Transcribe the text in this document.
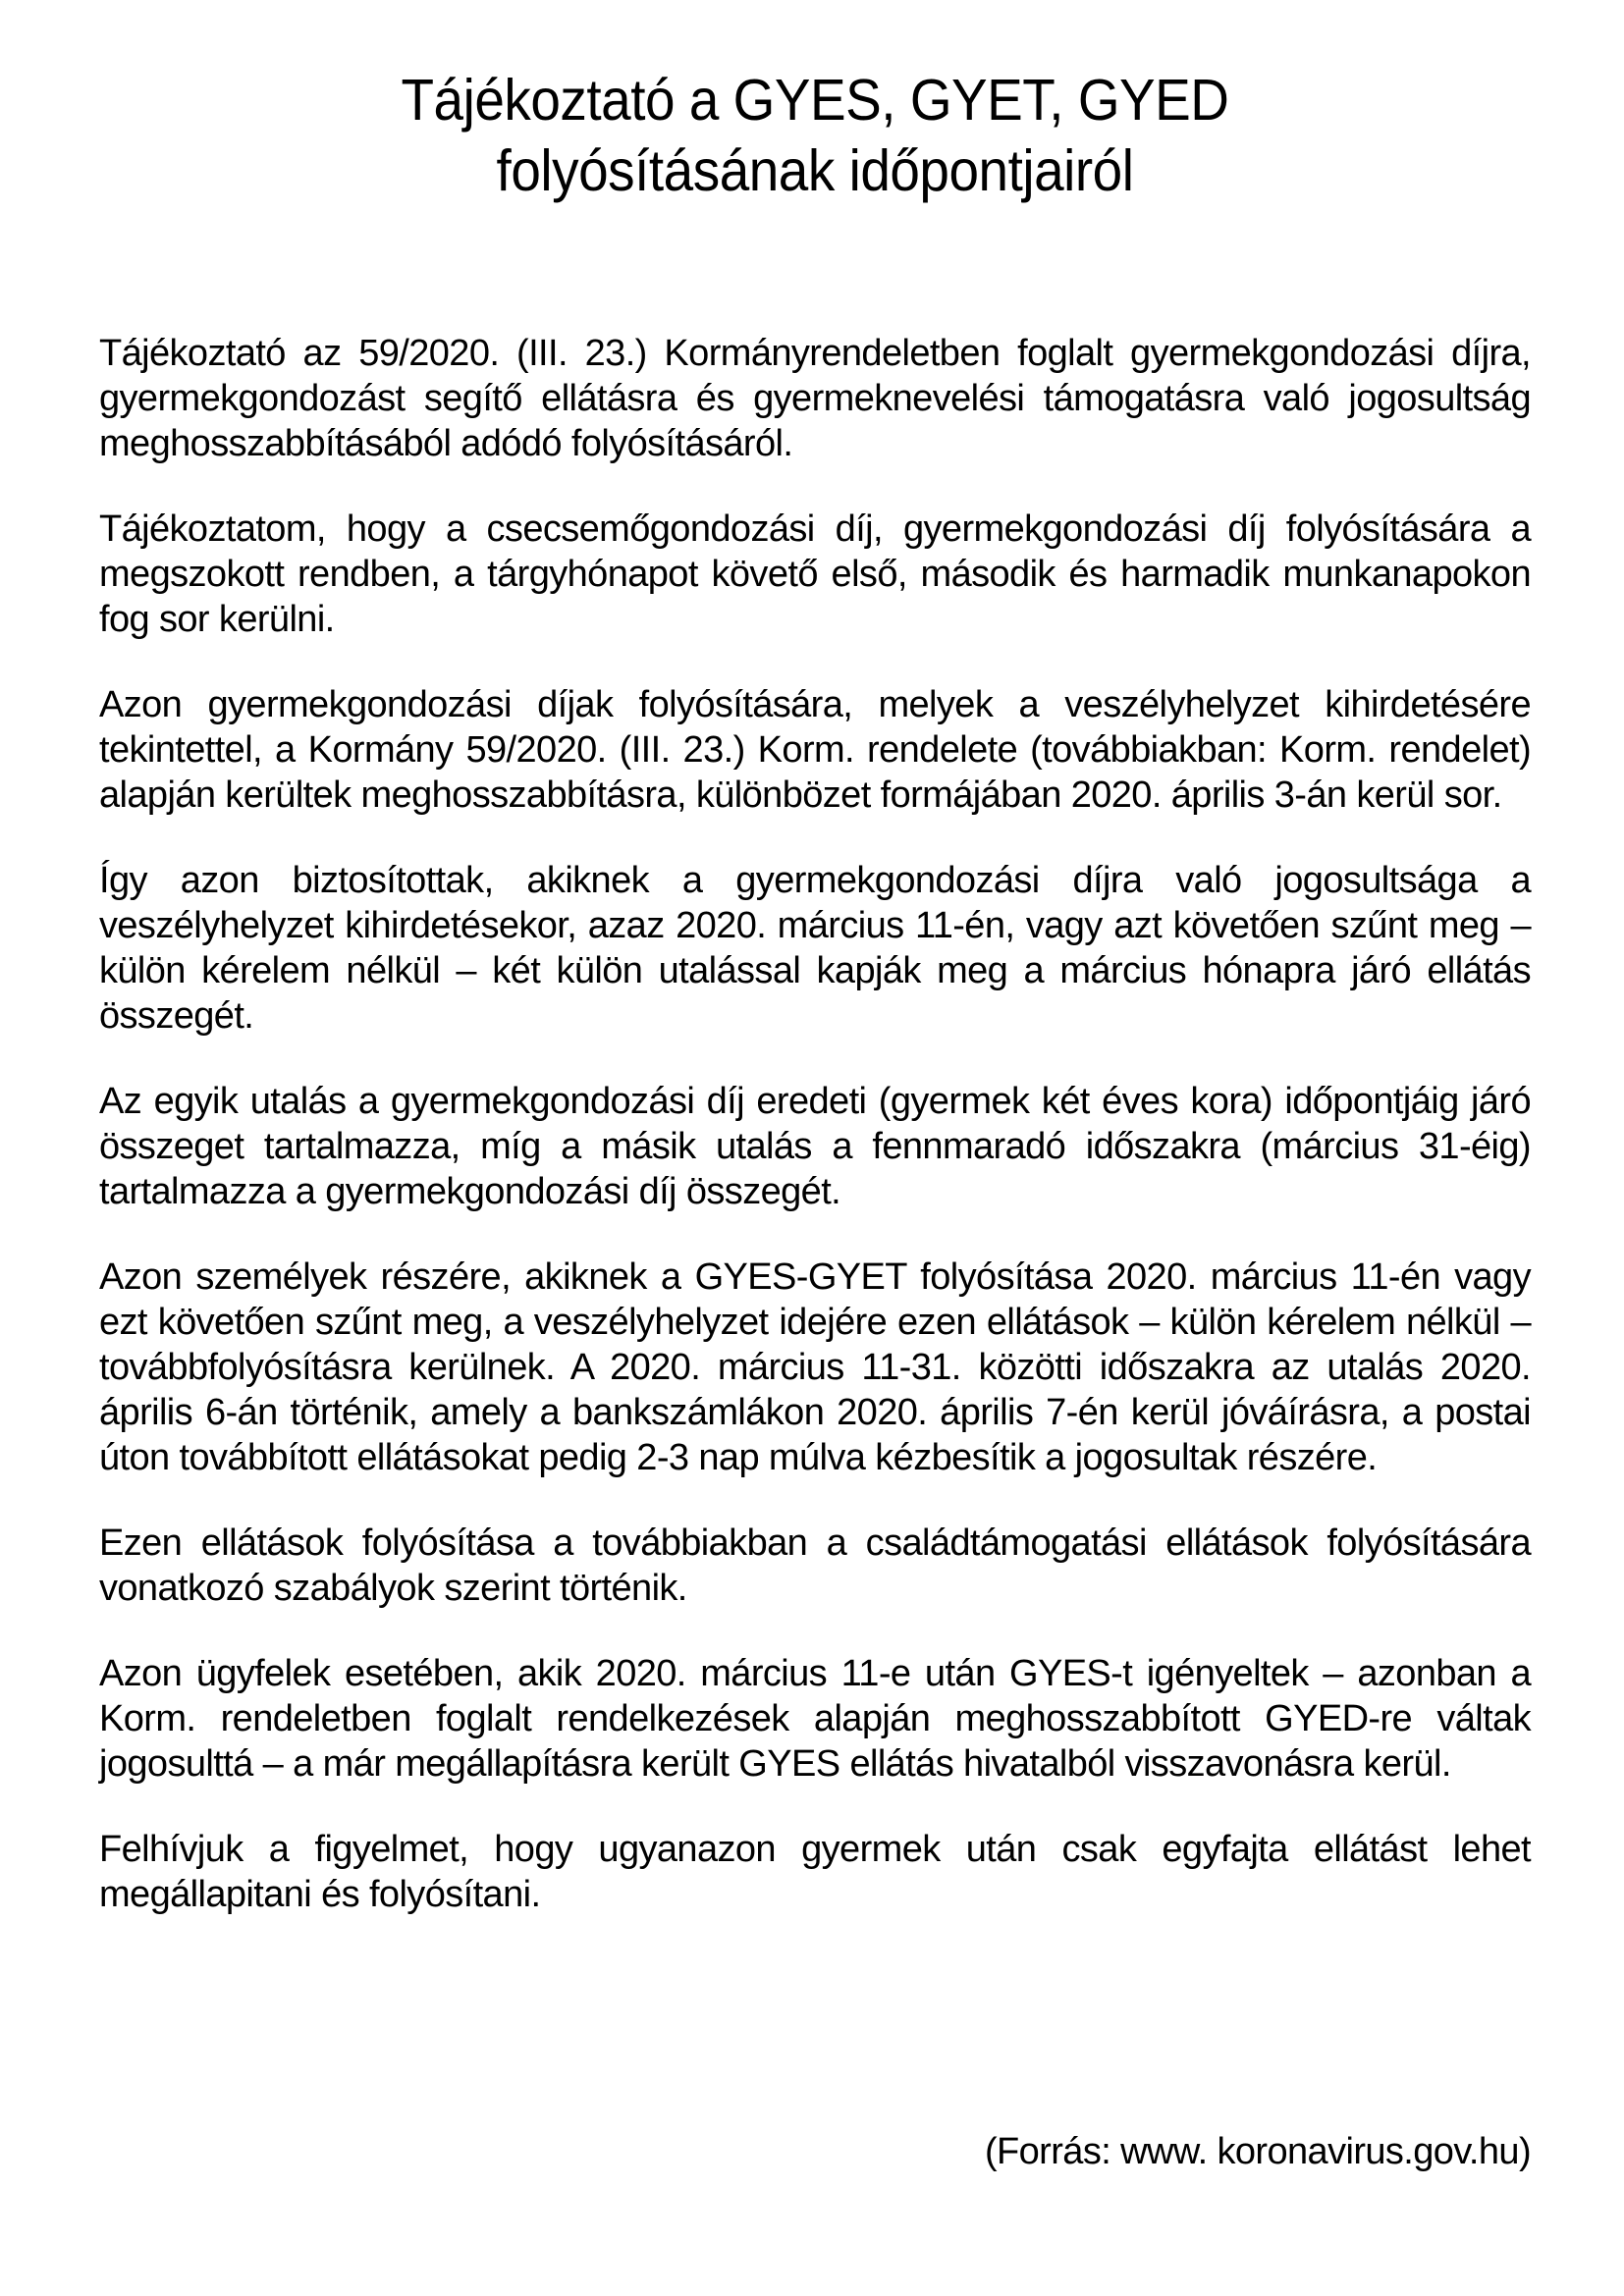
Tájékoztató a GYES, GYET, GYED
folyósításának időpontjairól

Tájékoztató az 59/2020. (III. 23.) Kormányrendeletben foglalt gyermekgondozási díjra, gyermekgondozást segítő ellátásra és gyermeknevelési támogatásra való jogosultság meghosszabbításából adódó folyósításáról.

Tájékoztatom, hogy a csecsemőgondozási díj, gyermekgondozási díj folyósítására a megszokott rendben, a tárgyhónapot követő első, második és harmadik munkanapokon fog sor kerülni.

Azon gyermekgondozási díjak folyósítására, melyek a veszélyhelyzet kihirdetésére tekintettel, a Kormány 59/2020. (III. 23.) Korm. rendelete (továbbiakban: Korm. rendelet) alapján kerültek meghosszabbításra, különbözet formájában 2020. április 3-án kerül sor.

Így azon biztosítottak, akiknek a gyermekgondozási díjra való jogosultsága a veszélyhelyzet kihirdetésekor, azaz 2020. március 11-én, vagy azt követően szűnt meg – külön kérelem nélkül – két külön utalással kapják meg a március hónapra járó ellátás összegét.

Az egyik utalás a gyermekgondozási díj eredeti (gyermek két éves kora) időpontjáig járó összeget tartalmazza, míg a másik utalás a fennmaradó időszakra (március 31-éig) tartalmazza a gyermekgondozási díj összegét.

Azon személyek részére, akiknek a GYES-GYET folyósítása 2020. március 11-én vagy ezt követően szűnt meg, a veszélyhelyzet idejére ezen ellátások – külön kérelem nélkül – továbbfolyósításra kerülnek. A 2020. március 11-31. közötti időszakra az utalás 2020. április 6-án történik, amely a bankszámlákon 2020. április 7-én kerül jóváírásra, a postai úton továbbított ellátásokat pedig 2-3 nap múlva kézbesítik a jogosultak részére.

Ezen ellátások folyósítása a továbbiakban a családtámogatási ellátások folyósítására vonatkozó szabályok szerint történik.

Azon ügyfelek esetében, akik 2020. március 11-e után GYES-t igényeltek – azonban a Korm. rendeletben foglalt rendelkezések alapján meghosszabbított GYED-re váltak jogosulttá – a már megállapításra került GYES ellátás hivatalból visszavonásra kerül.

Felhívjuk a figyelmet, hogy ugyanazon gyermek után csak egyfajta ellátást lehet megállapitani és folyósítani.

(Forrás: www. koronavirus.gov.hu)
